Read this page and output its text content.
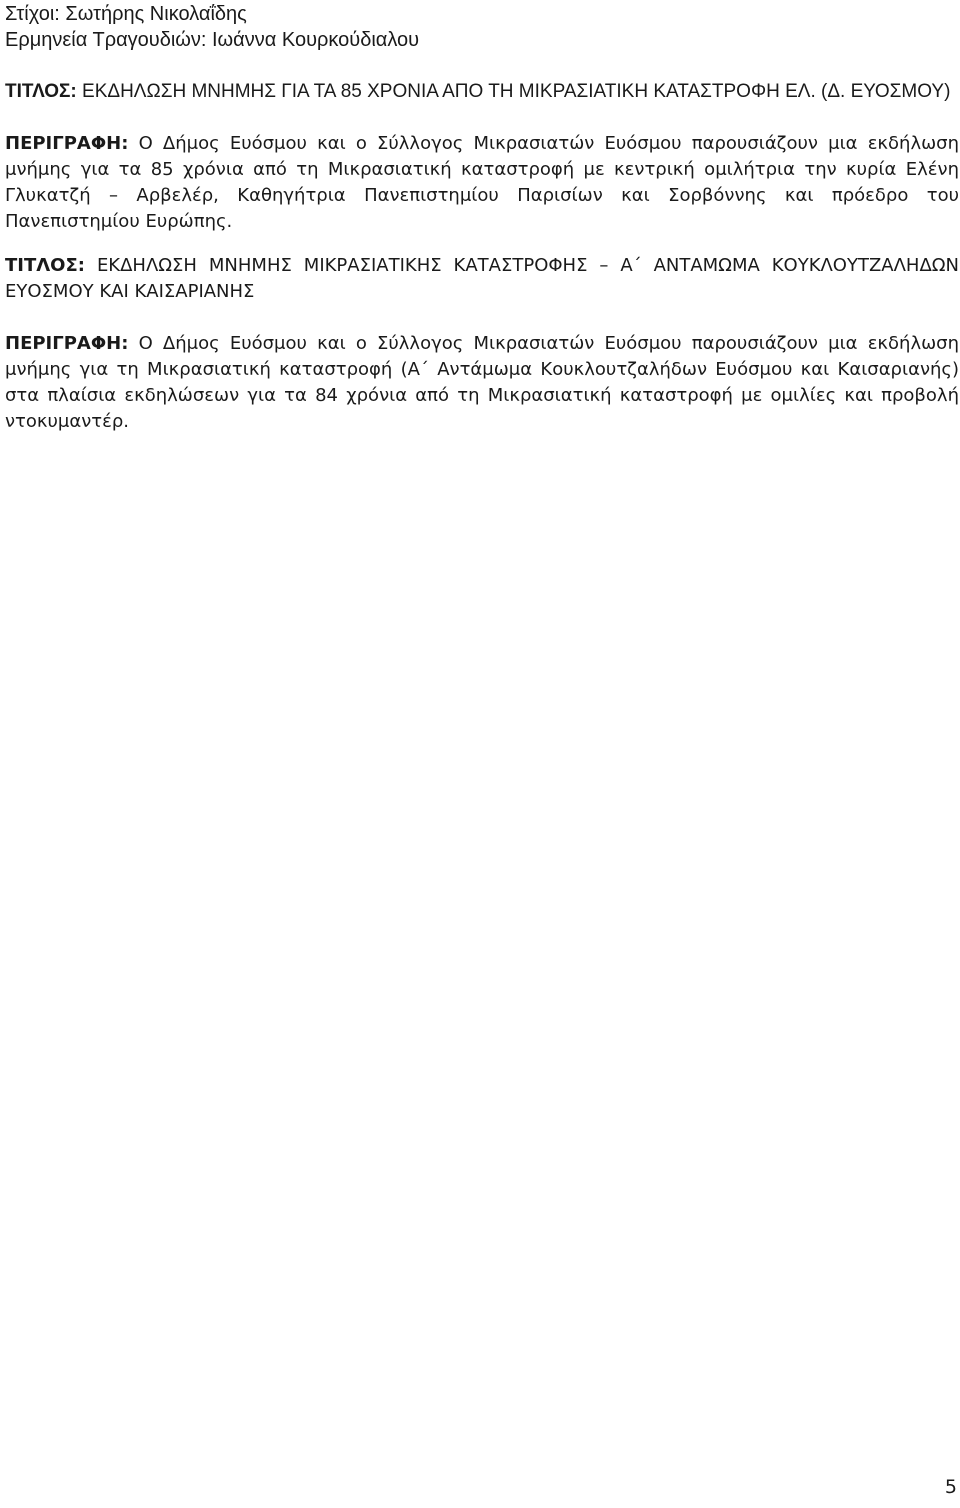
Στίχοι: Σωτήρης Νικολαΐδης
Ερμηνεία Τραγουδιών: Ιωάννα Κουρκούδιαλου
ΤΙΤΛΟΣ: ΕΚΔΗΛΩΣΗ ΜΝΗΜΗΣ ΓΙΑ ΤΑ 85 ΧΡΟΝΙΑ ΑΠΟ ΤΗ ΜΙΚΡΑΣΙΑΤΙΚΗ ΚΑΤΑΣΤΡΟΦΗ ΕΛ. (Δ. ΕΥΟΣΜΟΥ)
ΠΕΡΙΓΡΑΦΗ: Ο Δήμος Ευόσμου και ο Σύλλογος Μικρασιατών Ευόσμου παρουσιάζουν μια εκδήλωση μνήμης για τα 85 χρόνια από τη Μικρασιατική καταστροφή με κεντρική ομιλήτρια την κυρία Ελένη Γλυκατζή – Αρβελέρ, Καθηγήτρια Πανεπιστημίου Παρισίων και Σορβόννης και πρόεδρο του Πανεπιστημίου Ευρώπης.
ΤΙΤΛΟΣ: ΕΚΔΗΛΩΣΗ ΜΝΗΜΗΣ ΜΙΚΡΑΣΙΑΤΙΚΗΣ ΚΑΤΑΣΤΡΟΦΗΣ – Α΄ ΑΝΤΑΜΩΜΑ ΚΟΥΚΛΟΥΤΖΑΛΗΔΩΝ ΕΥΟΣΜΟΥ ΚΑΙ ΚΑΙΣΑΡΙΑΝΗΣ
ΠΕΡΙΓΡΑΦΗ: Ο Δήμος Ευόσμου και ο Σύλλογος Μικρασιατών Ευόσμου παρουσιάζουν μια εκδήλωση μνήμης για τη Μικρασιατική καταστροφή (Α΄ Αντάμωμα Κουκλουτζαλήδων Ευόσμου και Καισαριανής) στα πλαίσια εκδηλώσεων για τα 84 χρόνια από τη Μικρασιατική καταστροφή με ομιλίες και προβολή ντοκυμαντέρ.
5
